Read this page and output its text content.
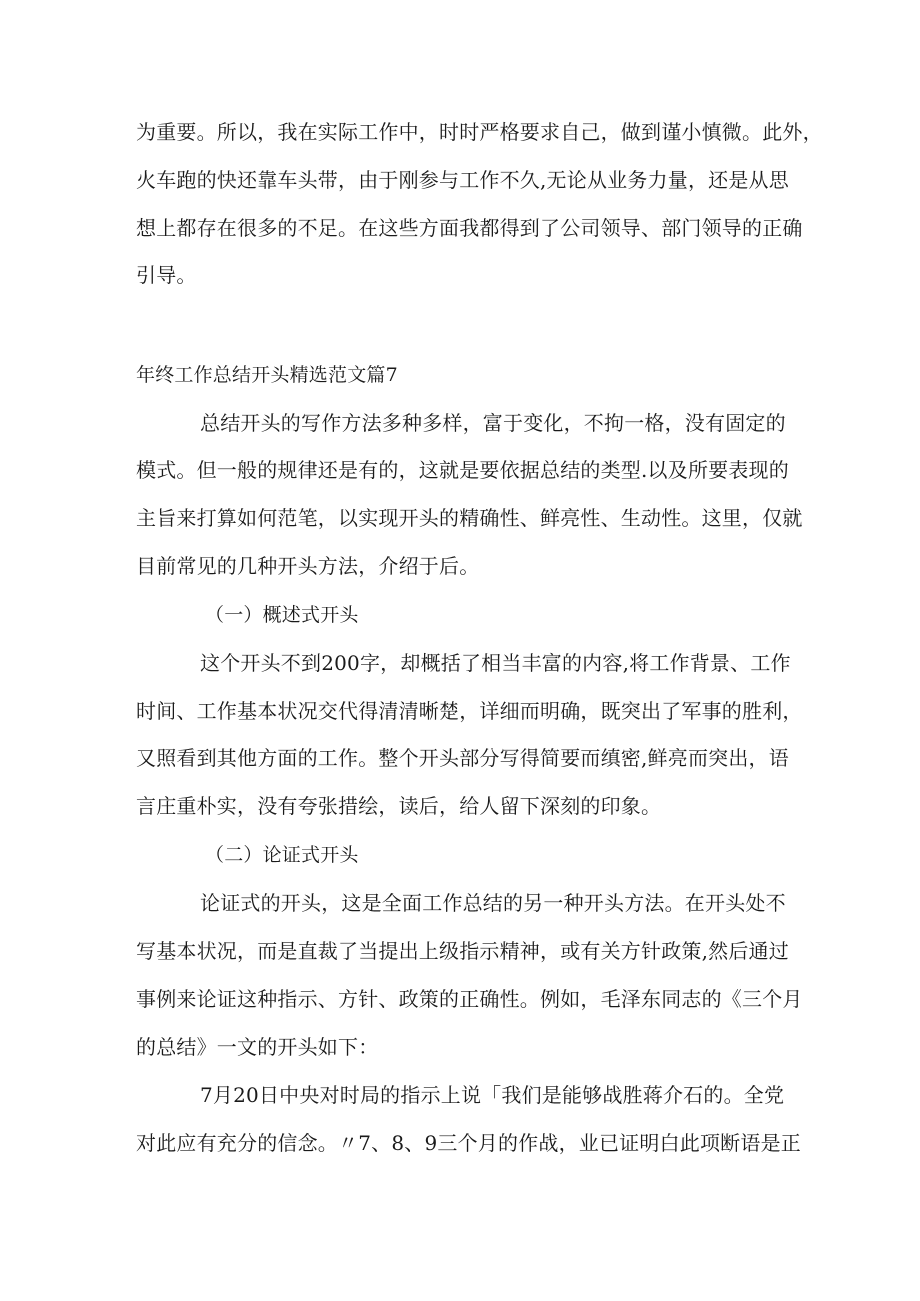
为重要。所以，我在实际工作中，时时严格要求自己，做到谨小慎微。此外，
火车跑的快还靠车头带，由于刚参与工作不久,无论从业务力量，还是从思
想上都存在很多的不足。在这些方面我都得到了公司领导、部门领导的正确
引导。
年终工作总结开头精选范文篇7
总结开头的写作方法多种多样，富于变化，不拘一格，没有固定的
模式。但一般的规律还是有的，这就是要依据总结的类型.以及所要表现的
主旨来打算如何范笔，以实现开头的精确性、鲜亮性、生动性。这里，仅就
目前常见的几种开头方法，介绍于后。
（一）概述式开头
这个开头不到200字，却概括了相当丰富的内容,将工作背景、工作
时间、工作基本状况交代得清清晰楚，详细而明确，既突出了军事的胜利，
又照看到其他方面的工作。整个开头部分写得简要而缜密,鲜亮而突出，语
言庄重朴实，没有夸张措绘，读后，给人留下深刻的印象。
（二）论证式开头
论证式的开头，这是全面工作总结的另一种开头方法。在开头处不
写基本状况，而是直裁了当提出上级指示精神，或有关方针政策,然后通过
事例来论证这种指示、方针、政策的正确性。例如，毛泽东同志的《三个月
的总结》一文的开头如下：
7月20日中央对时局的指示上说「我们是能够战胜蒋介石的。全党
对此应有充分的信念。〃7、8、9三个月的作战，业已证明白此项断语是正
